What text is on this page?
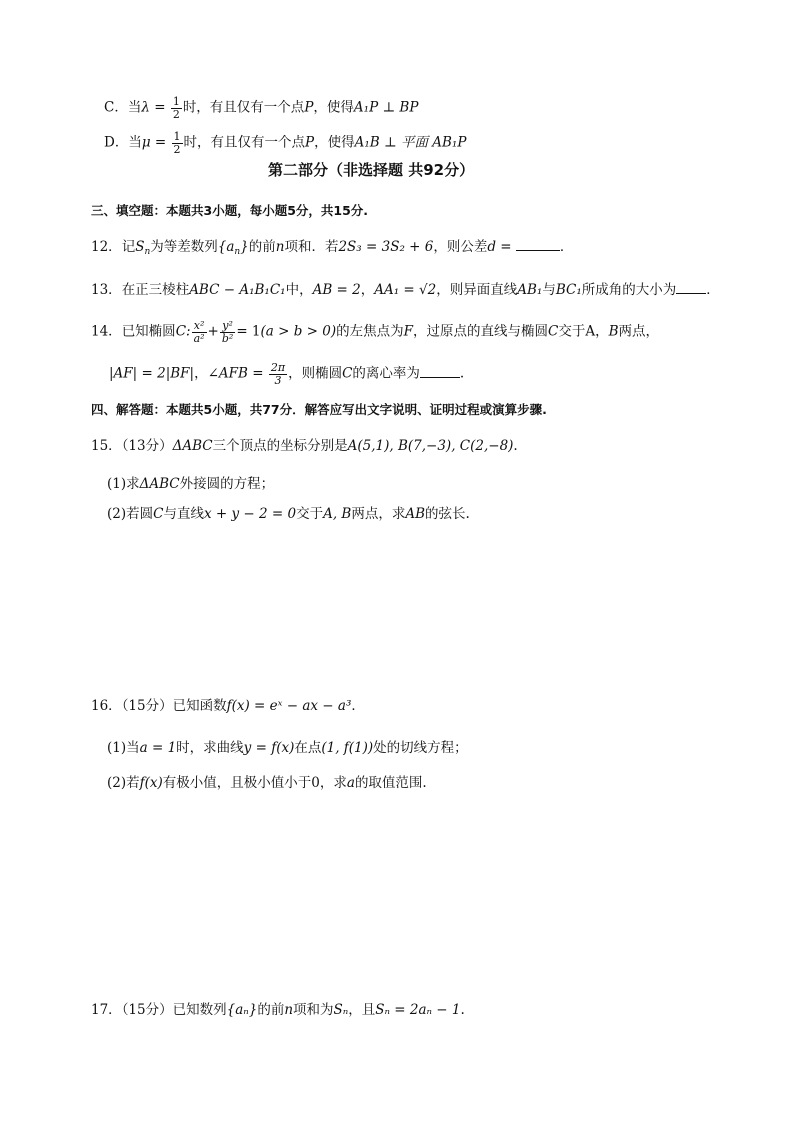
C．当$\lambda = \frac{1}{2}$ 时，有且仅有一个点P，使得A₁P ⊥ BP
D．当$\mu = \frac{1}{2}$ 时，有且仅有一个点P，使得A₁B ⊥ 平面 AB₁P
第二部分（非选择题 共92分）
三、填空题：本题共3小题，每小题5分，共15分.
12．记$S_n$为等差数列$\{a_n\}$的前n项和．若2S₃ = 3S₂ + 6，则公差d =	．
13．在正三棱柱ABC − A₁B₁C₁中，AB = 2，AA₁ = √2，则异面直线AB₁与BC₁所成角的大小为 ．
14．已知椭圆C: $\frac{\text{x²}}{\text{a²}} + \frac{\text{y²}}{\text{b²}} = 1(a > b > 0)$的左焦点为F，过原点的直线与椭圆C交于A，B两点，
|AF| = 2|BF|，∠AFB = $\frac{2\pi}{3}$ ，则椭圆C的离心率为	.
四、解答题：本题共5小题，共77分．解答应写出文字说明、证明过程或演算步骤.
15．（13分）ΔABC三个顶点的坐标分别是A(5,1), B(7,−3), C(2,−8).
(1)求ΔABC外接圆的方程；
(2)若圆C与直线x + y − 2 = 0交于A, B两点，求AB的弦长.
16．（15分）已知函数f(x) = eˣ − ax − a³．
(1)当a = 1时，求曲线y = f(x)在点(1, f(1))处的切线方程；
(2)若f(x)有极小值，且极小值小于0，求a的取值范围.
17．（15分）已知数列{aₙ}的前n项和为Sₙ，且Sₙ = 2aₙ − 1.
